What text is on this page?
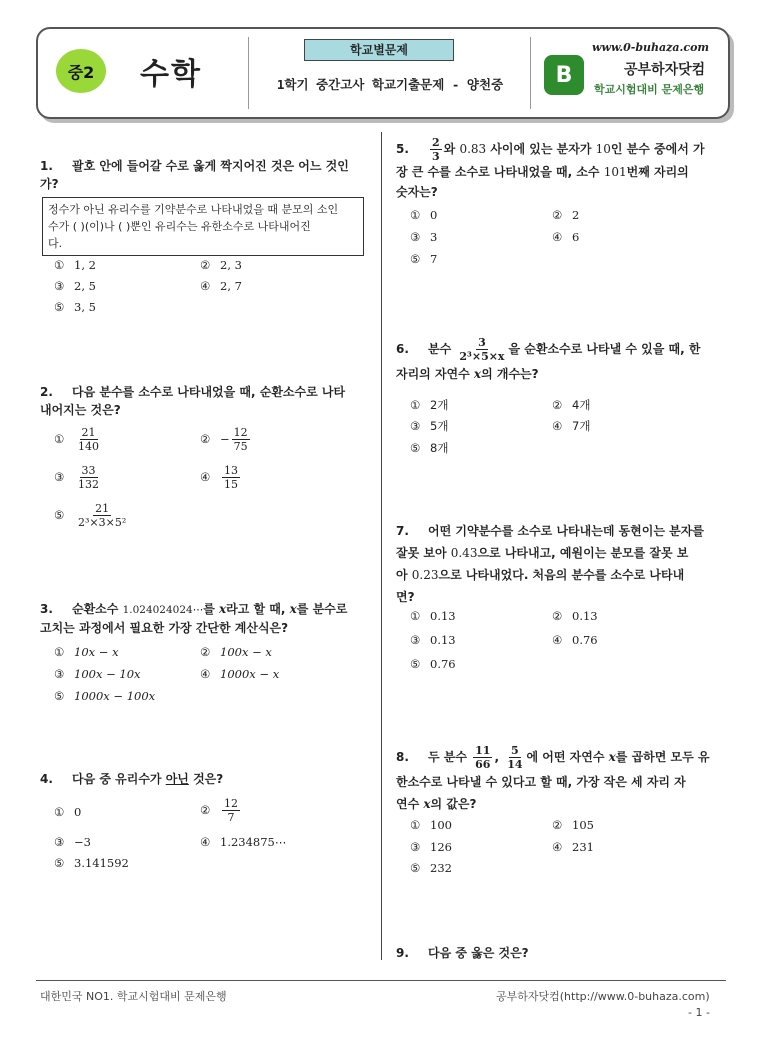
중2	수학
학교별문제
1학기 중간고사 학교기출문제 - 양천중
www.0-buhaza.com
B	공부하자닷컴
학교시험대비 문제은행
1. 괄호 안에 들어갈 수로 옳게 짝지어진 것은 어느 것인
가?
정수가 아닌 유리수를 기약분수로 나타내었을 때 분모의 소인
수가 ( )(이)나 ( )뿐인 유리수는 유한소수로 나타내어진
다.
① 1, 2	② 2, 3
③ 2, 5	④ 2, 7
⑤ 3, 5
2. 다음 분수를 소수로 나타내었을 때, 순환소수로 나타
내어지는 것은?
① $\frac{21}{140}$	② − $\frac{12}{75}$
③ $\frac{33}{132}$	④ $\frac{13}{15}$
⑤ $\frac{21}{\text{2³×3×5²}}$
3. 순환소수 1.024024024⋯를 x라고 할 때, x를 분수로
고치는 과정에서 필요한 가장 간단한 계산식은?
① 10x − x	② 100x − x
③ 100x − 10x	④ 1000x − x
⑤ 1000x − 100x
4. 다음 중 유리수가 아닌 것은?
① 0	② $\frac{12}{7}$
③ −3	④ 1.234875⋯
⑤ 3.141592
5. $\frac{2}{3}$ 와 0.83 사이에 있는 분자가 10인 분수 중에서 가
장 큰 수를 소수로 나타내었을 때, 소수 101번째 자리의
숫자는?
① 0	② 2
③ 3	④ 6
⑤ 7
6. 분수 $\frac{3}{\text{2³×5×x}}$ 을 순환소수로 나타낼 수 있을 때, 한
자리의 자연수 x의 개수는?
① 2개	② 4개
③ 5개	④ 7개
⑤ 8개
7. 어떤 기약분수를 소수로 나타내는데 동현이는 분자를
잘못 보아 0.43으로 나타내고, 예원이는 분모를 잘못 보
아 0.23으로 나타내었다. 처음의 분수를 소수로 나타내
면?
① 0.13	② 0.13
③ 0.13	④ 0.76
⑤ 0.76
8. 두 분수 $\frac{11}{66}$ , $\frac{5}{14}$ 에 어떤 자연수 x를 곱하면 모두 유
한소수로 나타낼 수 있다고 할 때, 가장 작은 세 자리 자
연수 x의 값은?
① 100	② 105
③ 126	④ 231
⑤ 232
9. 다음 중 옳은 것은?
대한민국 NO1. 학교시험대비 문제은행	공부하자닷컴(http://www.0-buhaza.com)
- 1 -
